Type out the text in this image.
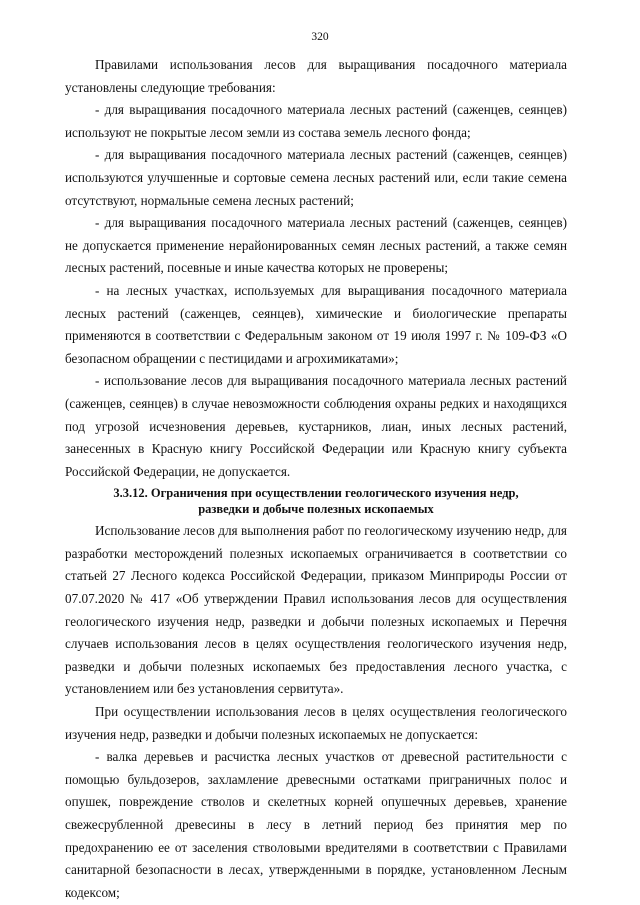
320

Правилами использования лесов для выращивания посадочного материала установлены следующие требования:

- для выращивания посадочного материала лесных растений (саженцев, сеянцев) используют не покрытые лесом земли из состава земель лесного фонда;

- для выращивания посадочного материала лесных растений (саженцев, сеянцев) используются улучшенные и сортовые семена лесных растений или, если такие семена отсутствуют, нормальные семена лесных растений;

- для выращивания посадочного материала лесных растений (саженцев, сеянцев) не допускается применение нерайонированных семян лесных растений, а также семян лесных растений, посевные и иные качества которых не проверены;

- на лесных участках, используемых для выращивания посадочного материала лесных растений (саженцев, сеянцев), химические и биологические препараты применяются в соответствии с Федеральным законом от 19 июля 1997 г. № 109-ФЗ «О безопасном обращении с пестицидами и агрохимикатами»;

- использование лесов для выращивания посадочного материала лесных растений (саженцев, сеянцев) в случае невозможности соблюдения охраны редких и находящихся под угрозой исчезновения деревьев, кустарников, лиан, иных лесных растений, занесенных в Красную книгу Российской Федерации или Красную книгу субъекта Российской Федерации, не допускается.

3.3.12. Ограничения при осуществлении геологического изучения недр,
разведки и добыче полезных ископаемых

Использование лесов для выполнения работ по геологическому изучению недр, для разработки месторождений полезных ископаемых ограничивается в соответствии со статьей 27 Лесного кодекса Российской Федерации, приказом Минприроды России от 07.07.2020 № 417 «Об утверждении Правил использования лесов для осуществления геологического изучения недр, разведки и добычи полезных ископаемых и Перечня случаев использования лесов в целях осуществления геологического изучения недр, разведки и добычи полезных ископаемых без предоставления лесного участка, с установлением или без установления сервитута».

При осуществлении использования лесов в целях осуществления геологического изучения недр, разведки и добычи полезных ископаемых не допускается:

- валка деревьев и расчистка лесных участков от древесной растительности с помощью бульдозеров, захламление древесными остатками приграничных полос и опушек, повреждение стволов и скелетных корней опушечных деревьев, хранение свежесрубленной древесины в лесу в летний период без принятия мер по предохранению ее от заселения стволовыми вредителями в соответствии с Правилами санитарной безопасности в лесах, утвержденными в порядке, установленном Лесным кодексом;
